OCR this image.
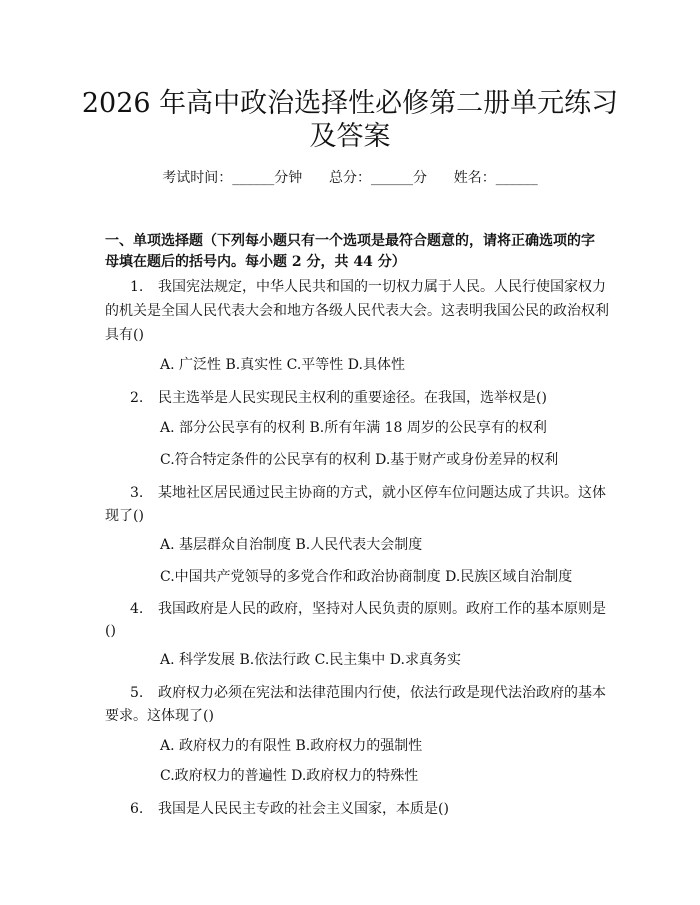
2026 年高中政治选择性必修第二册单元练习
及答案
考试时间：______分钟      总分：______分      姓名：______
一、单项选择题（下列每小题只有一个选项是最符合题意的，请将正确选项的字
母填在题后的括号内。每小题 2 分，共 44 分）
1. 我国宪法规定，中华人民共和国的一切权力属于人民。人民行使国家权力
的机关是全国人民代表大会和地方各级人民代表大会。这表明我国公民的政治权利
具有()
A. 广泛性 B.真实性 C.平等性 D.具体性
2. 民主选举是人民实现民主权利的重要途径。在我国，选举权是()
A. 部分公民享有的权利 B.所有年满 18 周岁的公民享有的权利
C.符合特定条件的公民享有的权利 D.基于财产或身份差异的权利
3. 某地社区居民通过民主协商的方式，就小区停车位问题达成了共识。这体
现了()
A. 基层群众自治制度 B.人民代表大会制度
C.中国共产党领导的多党合作和政治协商制度 D.民族区域自治制度
4. 我国政府是人民的政府，坚持对人民负责的原则。政府工作的基本原则是
()
A. 科学发展 B.依法行政 C.民主集中 D.求真务实
5. 政府权力必须在宪法和法律范围内行使，依法行政是现代法治政府的基本
要求。这体现了()
A. 政府权力的有限性 B.政府权力的强制性
C.政府权力的普遍性 D.政府权力的特殊性
6. 我国是人民民主专政的社会主义国家，本质是()
